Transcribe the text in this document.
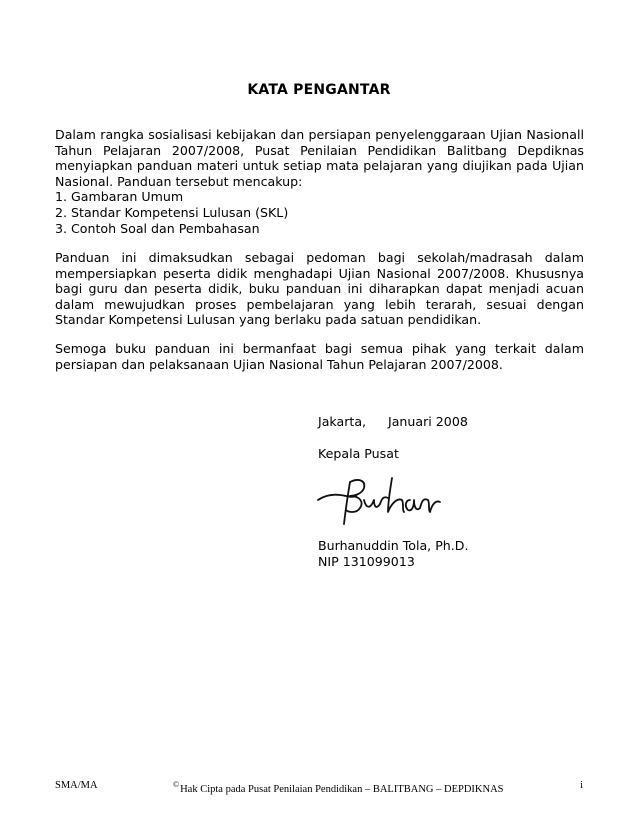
KATA PENGANTAR
Dalam rangka sosialisasi kebijakan dan persiapan penyelenggaraan Ujian Nasionall
Tahun Pelajaran 2007/2008, Pusat Penilaian Pendidikan Balitbang Depdiknas
menyiapkan panduan materi untuk setiap mata pelajaran yang diujikan pada Ujian
Nasional. Panduan tersebut mencakup:
1. Gambaran Umum
2. Standar Kompetensi Lulusan (SKL)
3. Contoh Soal dan Pembahasan
Panduan ini dimaksudkan sebagai pedoman bagi sekolah/madrasah dalam
mempersiapkan peserta didik menghadapi Ujian Nasional 2007/2008. Khususnya
bagi guru dan peserta didik, buku panduan ini diharapkan dapat menjadi acuan
dalam mewujudkan proses pembelajaran yang lebih terarah, sesuai dengan
Standar Kompetensi Lulusan yang berlaku pada satuan pendidikan.
Semoga buku panduan ini bermanfaat bagi semua pihak yang terkait dalam
persiapan dan pelaksanaan Ujian Nasional Tahun Pelajaran 2007/2008.
Jakarta, Januari 2008
Kepala Pusat
Burhanuddin Tola, Ph.D.
NIP 131099013
SMA/MA	©Hak Cipta pada Pusat Penilaian Pendidikan – BALITBANG – DEPDIKNAS	i
